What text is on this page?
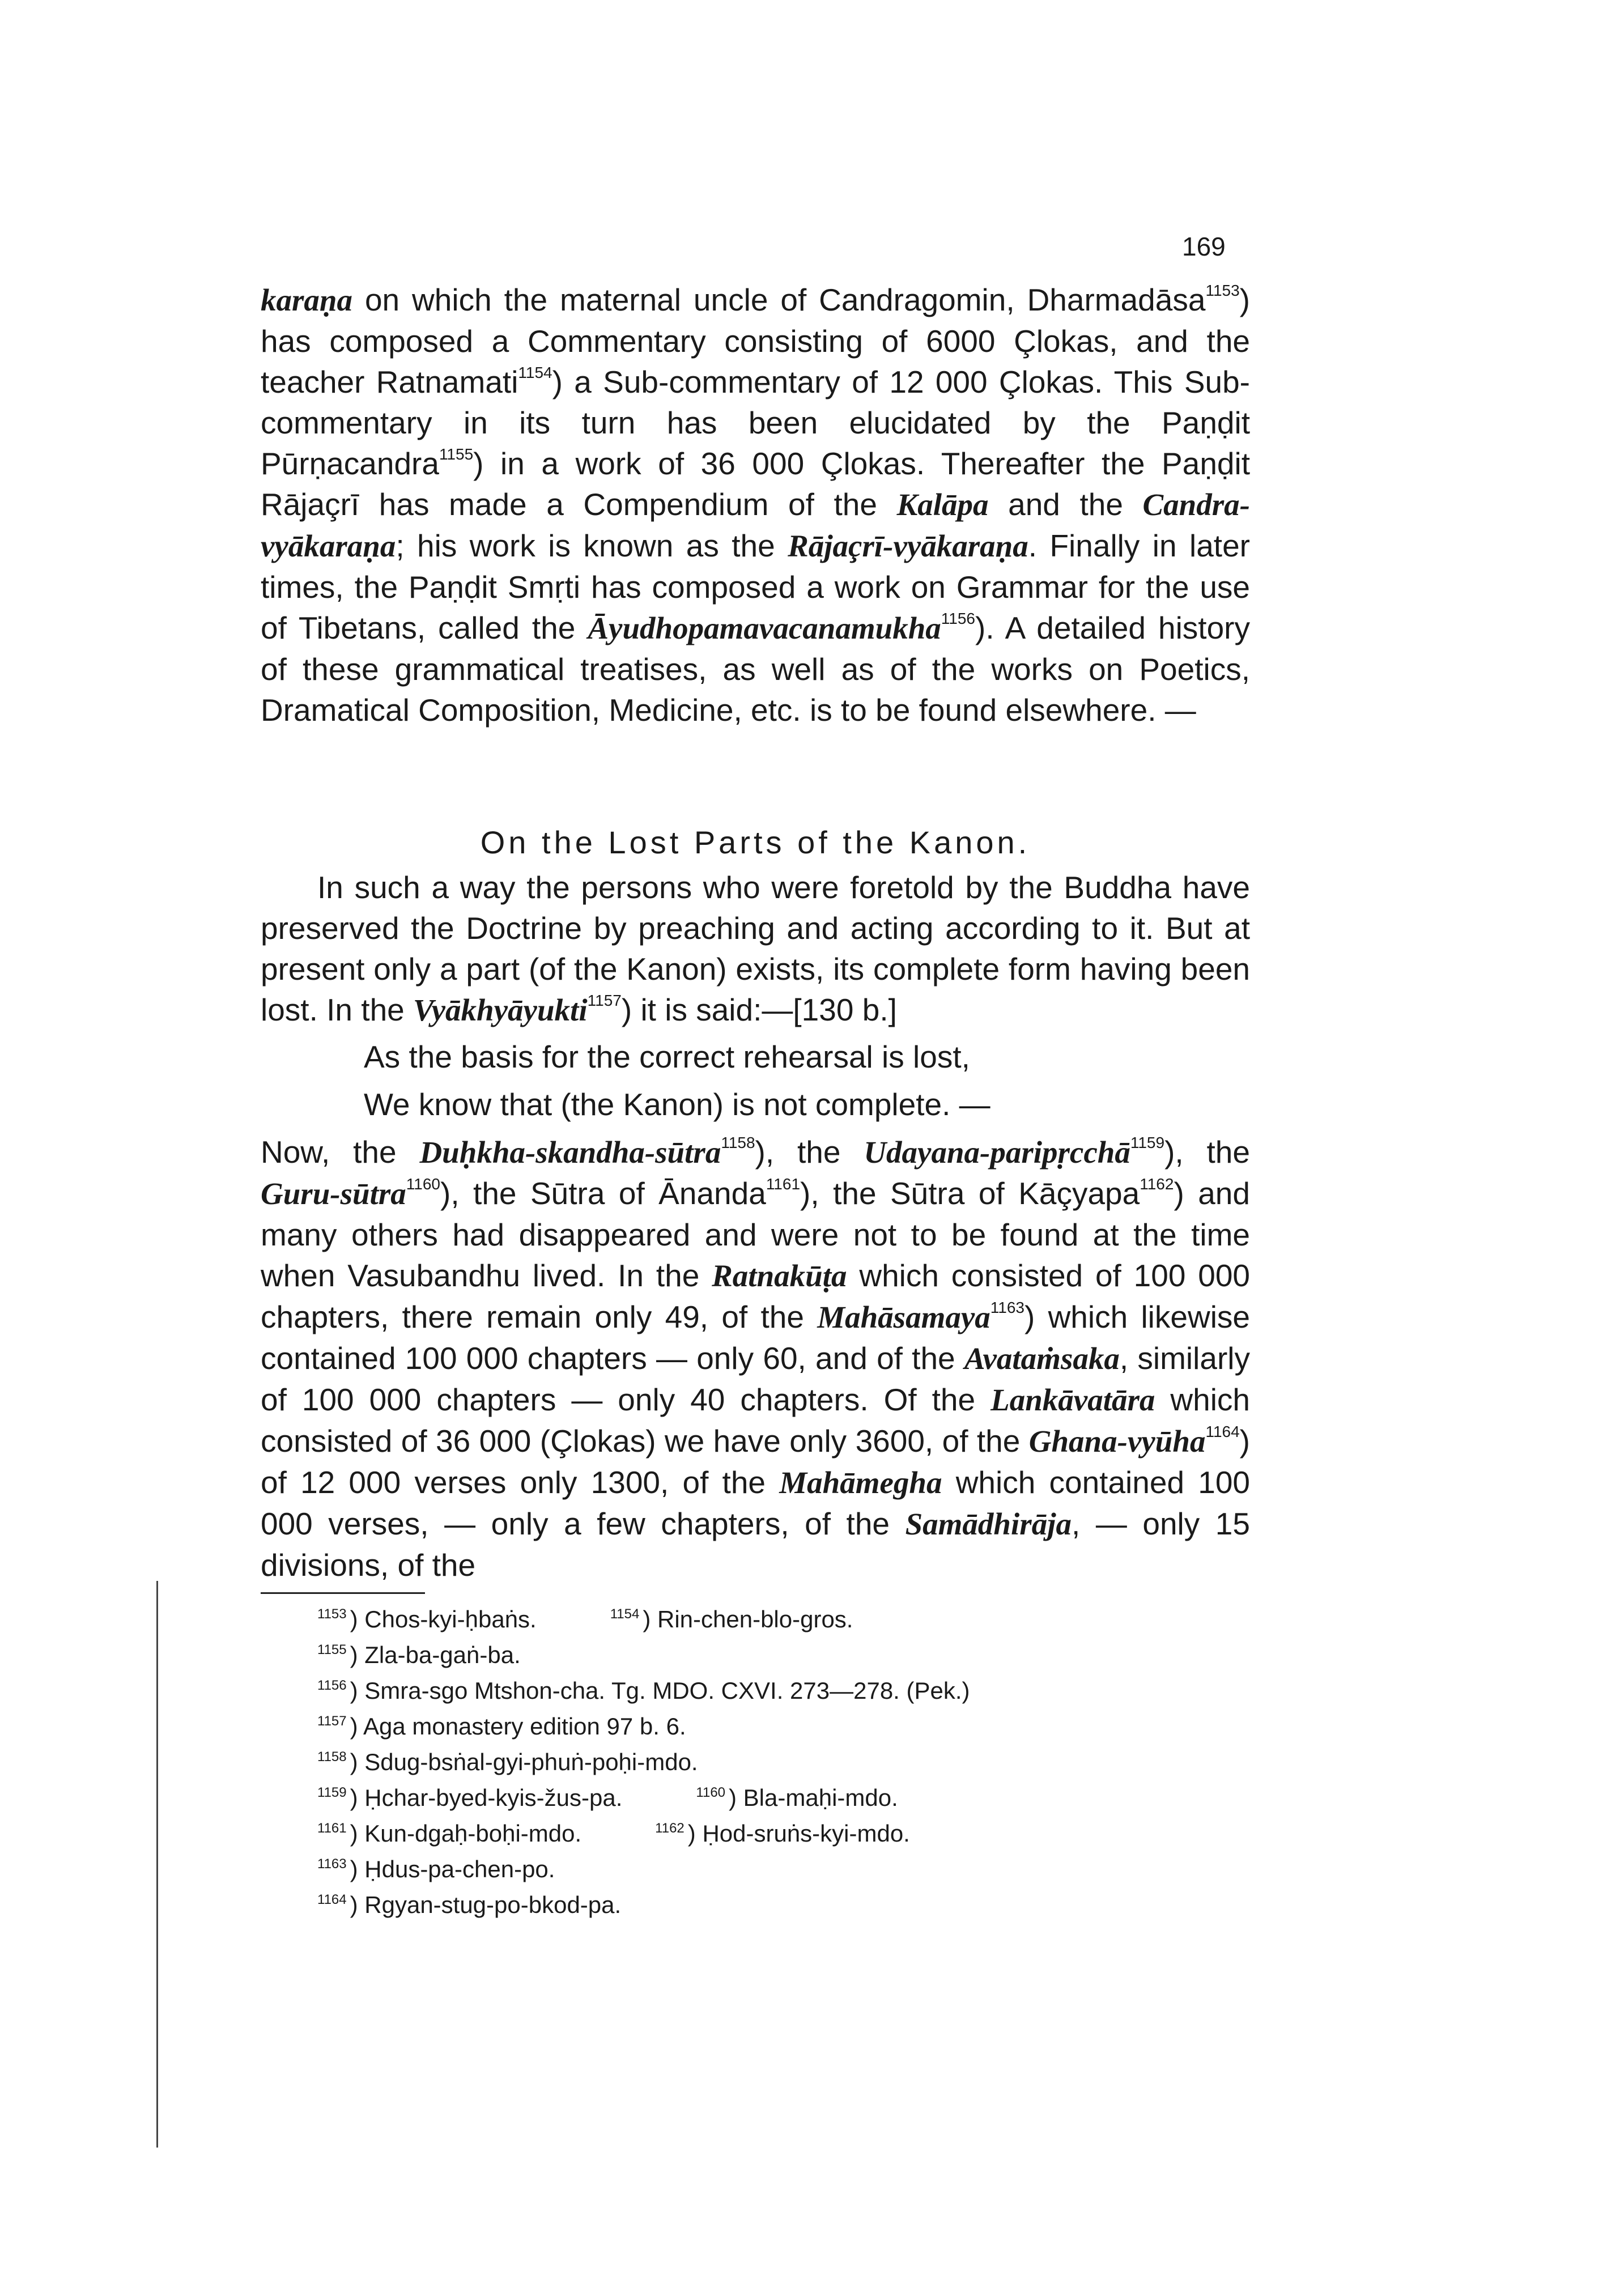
169

karaṇa on which the maternal uncle of Candragomin, Dharmadāsa$^{1153}$) has composed a Commentary consisting of 6000 Çlokas, and the teacher Ratnamati$^{1154}$) a Sub-commentary of 12 000 Çlokas. This Sub-commentary in its turn has been elucidated by the Paṇḍit Pūrṇacandra$^{1155}$) in a work of 36 000 Çlokas. Thereafter the Paṇḍit Rājaçrī has made a Compendium of the Kalāpa and the Candra-vyākaraṇa; his work is known as the Rājaçrī-vyākaraṇa. Finally in later times, the Paṇḍit Smṛti has composed a work on Grammar for the use of Tibetans, called the Āyudhopamavacanamukha$^{1156}$). A detailed history of these grammatical treatises, as well as of the works on Poetics, Dramatical Composition, Medicine, etc. is to be found elsewhere. —

On the Lost Parts of the Kanon.

In such a way the persons who were foretold by the Buddha have preserved the Doctrine by preaching and acting according to it. But at present only a part (of the Kanon) exists, its complete form having been lost. In the Vyākhyāyukti$^{1157}$) it is said:—[130 b.]

As the basis for the correct rehearsal is lost,
We know that (the Kanon) is not complete. —

Now, the Duḥkha-skandha-sūtra$^{1158}$), the Udayana-paripṛcchā$^{1159}$), the Guru-sūtra$^{1160}$), the Sūtra of Ānanda$^{1161}$), the Sūtra of Kāçyapa$^{1162}$) and many others had disappeared and were not to be found at the time when Vasubandhu lived. In the Ratnakūṭa which consisted of 100 000 chapters, there remain only 49, of the Mahāsamaya$^{1163}$) which likewise contained 100 000 chapters — only 60, and of the Avataṁsaka, similarly of 100 000 chapters — only 40 chapters. Of the Lankāvatāra which consisted of 36 000 (Çlokas) we have only 3600, of the Ghana-vyūha$^{1164}$) of 12 000 verses only 1300, of the Mahāmegha which contained 100 000 verses, — only a few chapters, of the Samādhirāja, — only 15 divisions, of the

$^{1153}$ ) Chos-kyi-ḥbaṅs.	$^{1154}$ ) Rin-chen-blo-gros.
$^{1155}$ ) Zla-ba-gaṅ-ba.
$^{1156}$ ) Smra-sgo Mtshon-cha. Tg. MDO. CXVI. 273—278. (Pek.)
$^{1157}$ ) Aga monastery edition 97 b. 6.
$^{1158}$ ) Sdug-bsṅal-gyi-phuṅ-poḥi-mdo.
$^{1159}$ ) Ḥchar-byed-kyis-žus-pa.	$^{1160}$ ) Bla-maḥi-mdo.
$^{1161}$ ) Kun-dgaḥ-boḥi-mdo.	$^{1162}$ ) Ḥod-sruṅs-kyi-mdo.
$^{1163}$ ) Ḥdus-pa-chen-po.
$^{1164}$ ) Rgyan-stug-po-bkod-pa.
